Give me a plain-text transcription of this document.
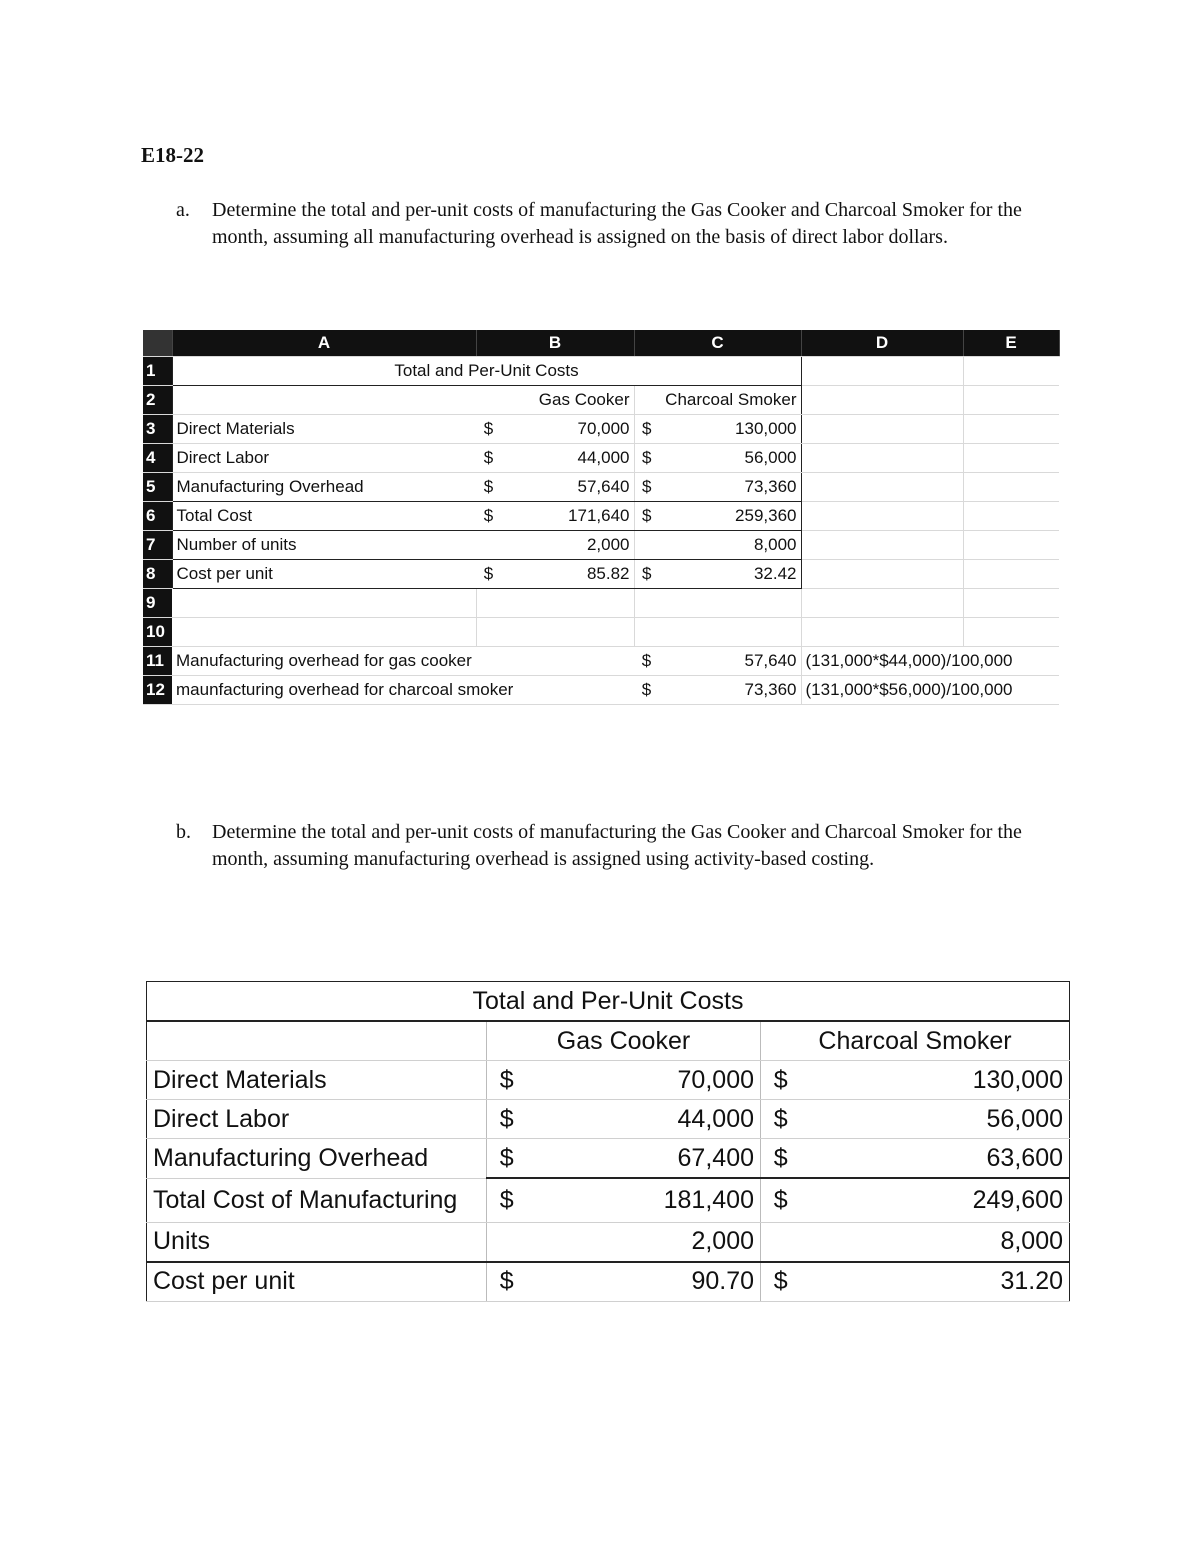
E18-22
a. Determine the total and per-unit costs of manufacturing the Gas Cooker and Charcoal Smoker for the month, assuming all manufacturing overhead is assigned on the basis of direct labor dollars.
	A	B		C		D	E
1	Total and Per-Unit Costs						
2		Gas Cooker		Charcoal Smoker			
3	Direct Materials	$	70,000	$	130,000		
4	Direct Labor	$	44,000	$	56,000		
5	Manufacturing Overhead	$	57,640	$	73,360		
6	Total Cost	$	171,640	$	259,360		
7	Number of units		2,000		8,000		
8	Cost per unit	$	85.82	$	32.42		
9							
10							
11	Manufacturing overhead for gas cooker			$	57,640	(131,000*$44,000)/100,000	
12	maunfacturing overhead for charcoal smoker			$	73,360	(131,000*$56,000)/100,000	
b. Determine the total and per-unit costs of manufacturing the Gas Cooker and Charcoal Smoker for the month, assuming manufacturing overhead is assigned using activity-based costing.
Total and Per-Unit Costs				
	Gas Cooker		Charcoal Smoker	
Direct Materials	$	70,000	$	130,000
Direct Labor	$	44,000	$	56,000
Manufacturing Overhead	$	67,400	$	63,600
Total Cost of Manufacturing	$	181,400	$	249,600
Units		2,000		8,000
Cost per unit	$	90.70	$	31.20
